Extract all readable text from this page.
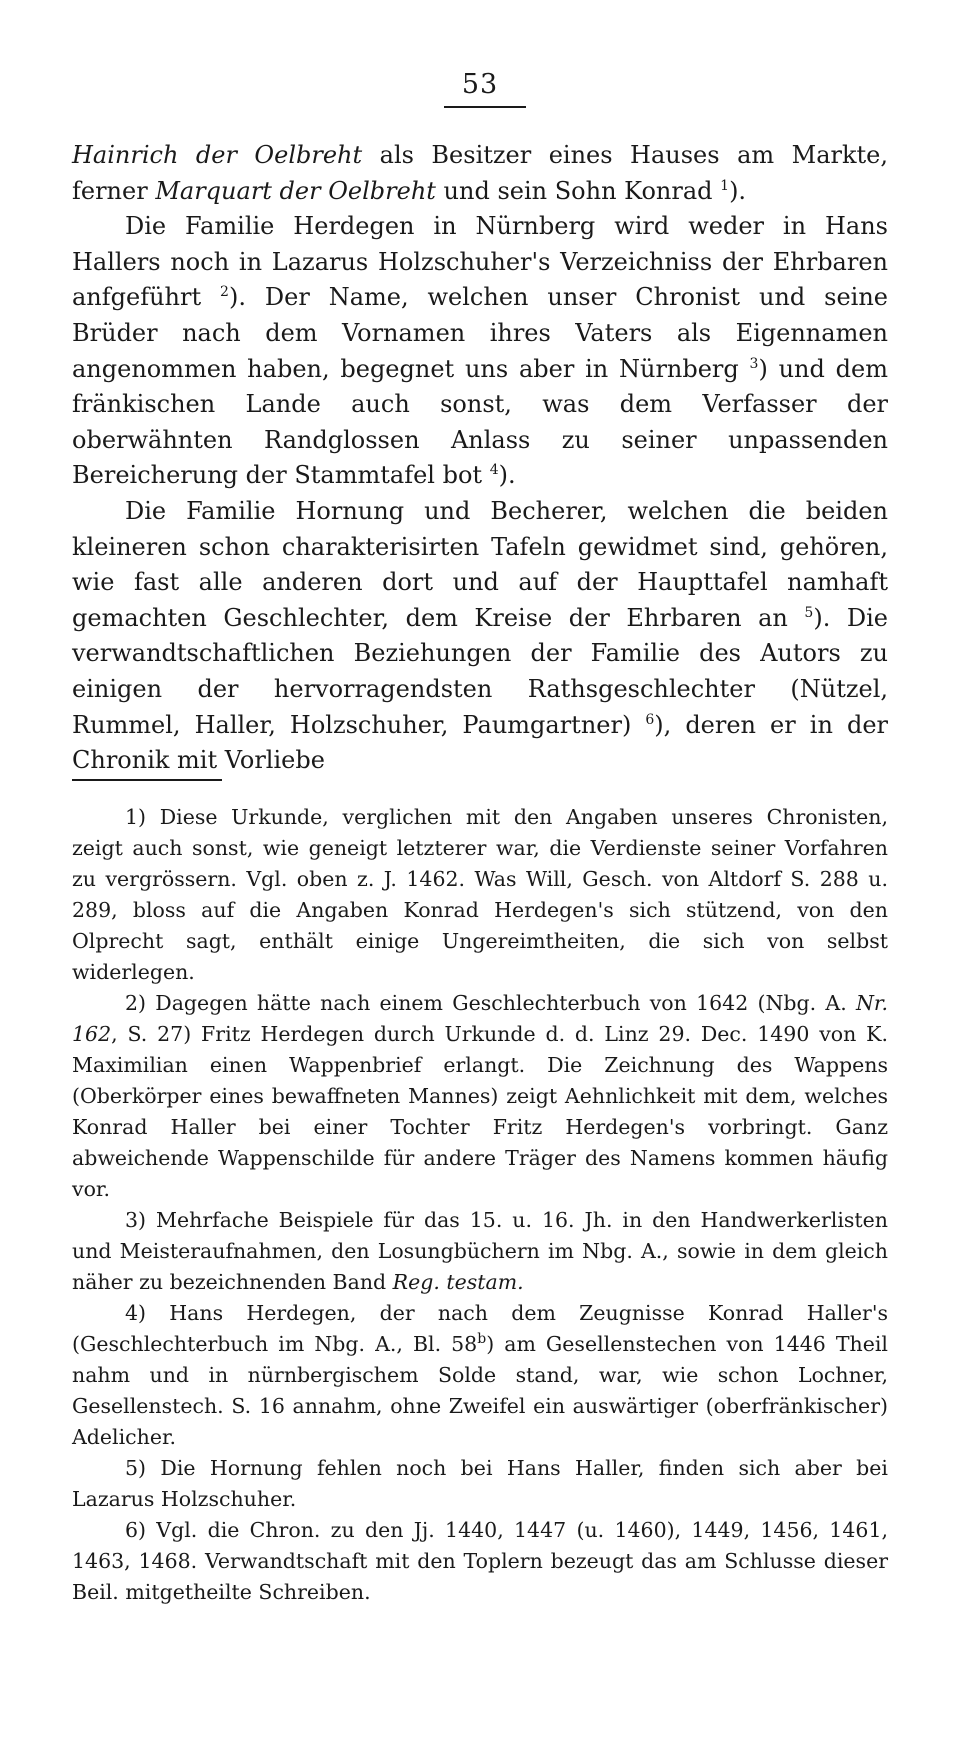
53

Hainrich der Oelbreht als Besitzer eines Hauses am Markte, ferner Marquart der Oelbreht und sein Sohn Konrad $^1$).

Die Familie Herdegen in Nürnberg wird weder in Hans Hallers noch in Lazarus Holzschuher's Verzeichniss der Ehrbaren anfgeführt $^2$). Der Name, welchen unser Chronist und seine Brüder nach dem Vornamen ihres Vaters als Eigennamen angenommen haben, begegnet uns aber in Nürnberg $^3$) und dem fränkischen Lande auch sonst, was dem Verfasser der oberwähnten Randglossen Anlass zu seiner unpassenden Bereicherung der Stammtafel bot $^4$).

Die Familie Hornung und Becherer, welchen die beiden kleineren schon charakterisirten Tafeln gewidmet sind, gehören, wie fast alle anderen dort und auf der Haupttafel namhaft gemachten Geschlechter, dem Kreise der Ehrbaren an $^5$). Die verwandtschaftlichen Beziehungen der Familie des Autors zu einigen der hervorragendsten Rathsgeschlechter (Nützel, Rummel, Haller, Holzschuher, Paumgartner) $^6$), deren er in der Chronik mit Vorliebe

1) Diese Urkunde, verglichen mit den Angaben unseres Chronisten, zeigt auch sonst, wie geneigt letzterer war, die Verdienste seiner Vorfahren zu vergrössern. Vgl. oben z. J. 1462. Was Will, Gesch. von Altdorf S. 288 u. 289, bloss auf die Angaben Konrad Herdegen's sich stützend, von den Olprecht sagt, enthält einige Ungereimtheiten, die sich von selbst widerlegen.

2) Dagegen hätte nach einem Geschlechterbuch von 1642 (Nbg. A. Nr. 162, S. 27) Fritz Herdegen durch Urkunde d. d. Linz 29. Dec. 1490 von K. Maximilian einen Wappenbrief erlangt. Die Zeichnung des Wappens (Oberkörper eines bewaffneten Mannes) zeigt Aehnlichkeit mit dem, welches Konrad Haller bei einer Tochter Fritz Herdegen's vorbringt. Ganz abweichende Wappenschilde für andere Träger des Namens kommen häufig vor.

3) Mehrfache Beispiele für das 15. u. 16. Jh. in den Handwerkerlisten und Meisteraufnahmen, den Losungbüchern im Nbg. A., sowie in dem gleich näher zu bezeichnenden Band Reg. testam.

4) Hans Herdegen, der nach dem Zeugnisse Konrad Haller's (Geschlechterbuch im Nbg. A., Bl. 58$^b$) am Gesellenstechen von 1446 Theil nahm und in nürnbergischem Solde stand, war, wie schon Lochner, Gesellenstech. S. 16 annahm, ohne Zweifel ein auswärtiger (oberfränkischer) Adelicher.

5) Die Hornung fehlen noch bei Hans Haller, finden sich aber bei Lazarus Holzschuher.

6) Vgl. die Chron. zu den Jj. 1440, 1447 (u. 1460), 1449, 1456, 1461, 1463, 1468. Verwandtschaft mit den Toplern bezeugt das am Schlusse dieser Beil. mitgetheilte Schreiben.
